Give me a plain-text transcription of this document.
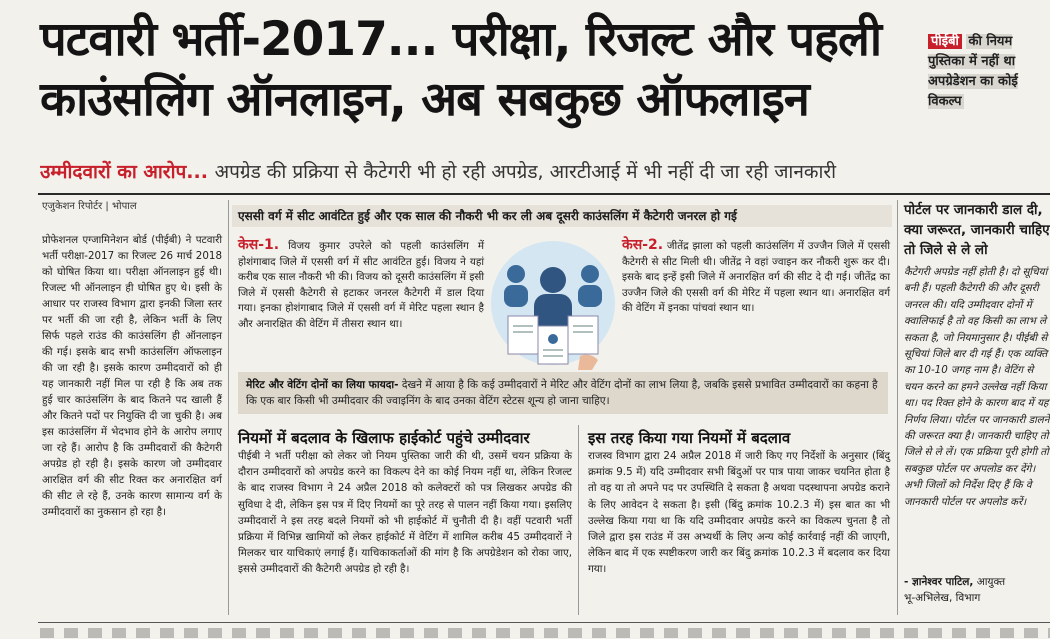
पटवारी भर्ती-2017... परीक्षा, रिजल्ट और पहली
काउंसलिंग ऑनलाइन, अब सबकुछ ऑफलाइन
पीईबी की नियम पुस्तिका में नहीं था अपग्रेडेशन का कोई विकल्प
उम्मीदवारों का आरोप... अपग्रेड की प्रक्रिया से कैटेगरी भी हो रही अपग्रेड, आरटीआई में भी नहीं दी जा रही जानकारी
एजुकेशन रिपोर्टर | भोपाल
प्रोफेशनल एग्जामिनेशन बोर्ड (पीईबी) ने पटवारी भर्ती परीक्षा-2017 का रिजल्ट 26 मार्च 2018 को घोषित किया था। परीक्षा ऑनलाइन हुई थी। रिजल्ट भी ऑनलाइन ही घोषित हुए थे। इसी के आधार पर राजस्व विभाग द्वारा इनकी जिला स्तर पर भर्ती की जा रही है, लेकिन भर्ती के लिए सिर्फ पहले राउंड की काउंसलिंग ही ऑनलाइन की गई। इसके बाद सभी काउंसलिंग ऑफलाइन की जा रही है। इसके कारण उम्मीदवारों को ही यह जानकारी नहीं मिल पा रही है कि अब तक हुई चार काउंसलिंग के बाद कितने पद खाली हैं और कितने पदों पर नियुक्ति दी जा चुकी है। अब इस काउंसलिंग में भेदभाव होने के आरोप लगाए जा रहे हैं। आरोप है कि उम्मीदवारों की कैटेगरी अपग्रेड हो रही है। इसके कारण जो उम्मीदवार आरक्षित वर्ग की सीट रिक्त कर अनारक्षित वर्ग की सीट ले रहे हैं, उनके कारण सामान्य वर्ग के उम्मीदवारों का नुकसान हो रहा है।
एससी वर्ग में सीट आवंटित हुई और एक साल की नौकरी भी कर ली अब दूसरी काउंसलिंग में कैटेगरी जनरल हो गई
केस-1. विजय कुमार उपरेले को पहली काउंसलिंग में होशंगाबाद जिले में एससी वर्ग में सीट आवंटित हुई। विजय ने यहां करीब एक साल नौकरी भी की। विजय को दूसरी काउंसलिंग में इसी जिले में एससी कैटेगरी से हटाकर जनरल कैटेगरी में डाल दिया गया। इनका होशंगाबाद जिले में एससी वर्ग में मेरिट पहला स्थान है और अनारक्षित की वेटिंग में तीसरा स्थान था।
केस-2. जीतेंद्र झाला को पहली काउंसलिंग में उज्जैन जिले में एससी कैटेगरी से सीट मिली थी। जीतेंद्र ने वहां ज्वाइन कर नौकरी शुरू कर दी। इसके बाद इन्हें इसी जिले में अनारक्षित वर्ग की सीट दे दी गई। जीतेंद्र का उज्जैन जिले की एससी वर्ग की मेरिट में पहला स्थान था। अनारक्षित वर्ग की वेटिंग में इनका पांचवां स्थान था।
मेरिट और वेटिंग दोनों का लिया फायदा- देखने में आया है कि कई उम्मीदवारों ने मेरिट और वेटिंग दोनों का लाभ लिया है, जबकि इससे प्रभावित उम्मीदवारों का कहना है कि एक बार किसी भी उम्मीदवार की ज्वाइनिंग के बाद उनका वेटिंग स्टेटस शून्य हो जाना चाहिए।
नियमों में बदलाव के खिलाफ हाईकोर्ट पहुंचे उम्मीदवार
पीईबी ने भर्ती परीक्षा को लेकर जो नियम पुस्तिका जारी की थी, उसमें चयन प्रक्रिया के दौरान उम्मीदवारों को अपग्रेड करने का विकल्प देने का कोई नियम नहीं था, लेकिन रिजल्ट के बाद राजस्व विभाग ने 24 अप्रैल 2018 को कलेक्टरों को पत्र लिखकर अपग्रेड की सुविधा दे दी, लेकिन इस पत्र में दिए नियमों का पूरे तरह से पालन नहीं किया गया। इसलिए उम्मीदवारों ने इस तरह बदले नियमों को भी हाईकोर्ट में चुनौती दी है। वहीं पटवारी भर्ती प्रक्रिया में विभिन्न खामियों को लेकर हाईकोर्ट में वेटिंग में शामिल करीब 45 उम्मीदवारों ने मिलकर चार याचिकाएं लगाई हैं। याचिकाकर्ताओं की मांग है कि अपग्रेडेशन को रोका जाए, इससे उम्मीदवारों की कैटेगरी अपग्रेड हो रही है।
इस तरह किया गया नियमों में बदलाव
राजस्व विभाग द्वारा 24 अप्रैल 2018 में जारी किए गए निर्देशों के अनुसार (बिंदु क्रमांक 9.5 में) यदि उम्मीदवार सभी बिंदुओं पर पात्र पाया जाकर चयनित होता है तो वह या तो अपने पद पर उपस्थिति दे सकता है अथवा पदस्थापना अपग्रेड कराने के लिए आवेदन दे सकता है। इसी (बिंदु क्रमांक 10.2.3 में) इस बात का भी उल्लेख किया गया था कि यदि उम्मीदवार अपग्रेड करने का विकल्प चुनता है तो जिले द्वारा इस राउंड में उस अभ्यर्थी के लिए अन्य कोई कार्रवाई नहीं की जाएगी, लेकिन बाद में एक स्पष्टीकरण जारी कर बिंदु क्रमांक 10.2.3 में बदलाव कर दिया गया।
पोर्टल पर जानकारी डाल दी, क्या जरूरत, जानकारी चाहिए तो जिले से ले लो
कैटेगरी अपग्रेड नहीं होती है। दो सूचियां बनी हैं। पहली कैटेगरी की और दूसरी जनरल की। यदि उम्मीदवार दोनों में क्वालिफाई है तो वह किसी का लाभ ले सकता है, जो नियमानुसार है। पीईबी से सूचियां जिले बार दी गई हैं। एक व्यक्ति का 10-10 जगह नाम है। वेटिंग से चयन करने का हमने उल्लेख नहीं किया था। पद रिक्त होने के कारण बाद में यह निर्णय लिया। पोर्टल पर जानकारी डालने की जरूरत क्या है। जानकारी चाहिए तो जिले से ले लें। एक प्रक्रिया पूरी होगी तो सबकुछ पोर्टल पर अपलोड कर देंगे। अभी जिलों को निर्देश दिए हैं कि वे जानकारी पोर्टल पर अपलोड करें।
- ज्ञानेश्वर पाटिल, आयुक्त
भू-अभिलेख, विभाग
